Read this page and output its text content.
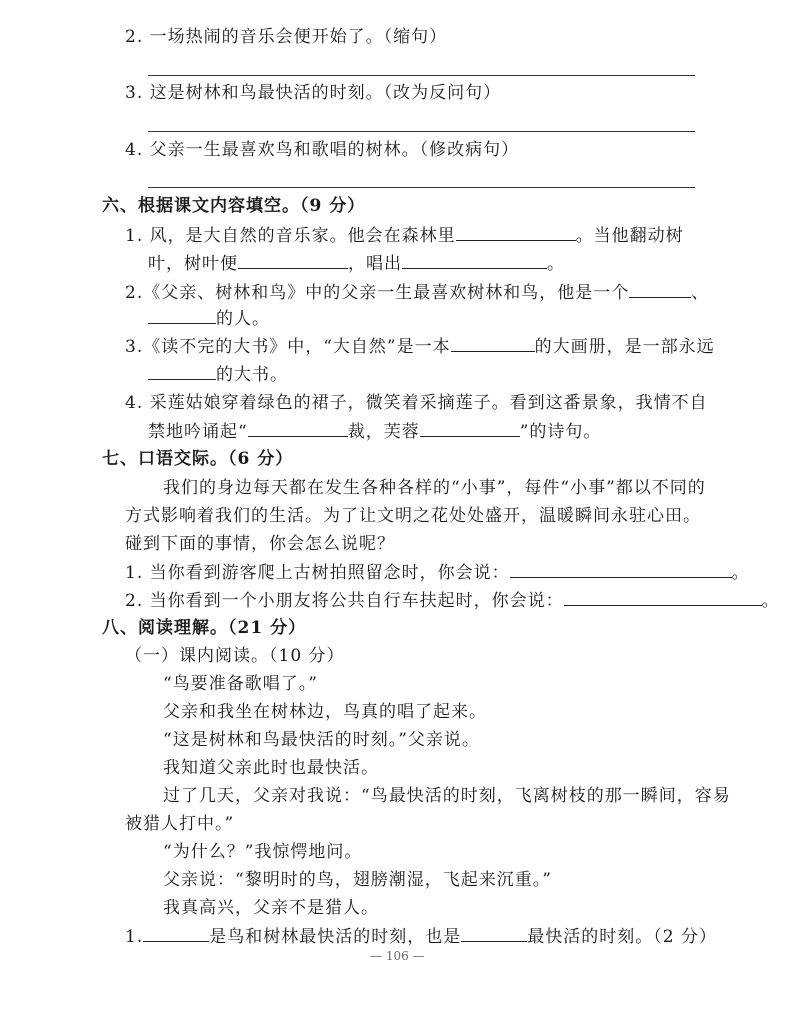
2. 一场热闹的音乐会便开始了。（缩句）
3. 这是树林和鸟最快活的时刻。（改为反问句）
4. 父亲一生最喜欢鸟和歌唱的树林。（修改病句）
六、根据课文内容填空。（9 分）
1. 风，是大自然的音乐家。他会在森林里	。当他翻动树
叶，树叶便	，唱出	。
2.《父亲、树林和鸟》中的父亲一生最喜欢树林和鸟，他是一个	、
的人。
3.《读不完的大书》中，“大自然”是一本	的大画册，是一部永远
的大书。
4. 采莲姑娘穿着绿色的裙子，微笑着采摘莲子。看到这番景象，我情不自
禁地吟诵起“	裁，芙蓉	”的诗句。
七、口语交际。（6 分）
我们的身边每天都在发生各种各样的“小事”，每件“小事”都以不同的
方式影响着我们的生活。为了让文明之花处处盛开，温暖瞬间永驻心田。
碰到下面的事情，你会怎么说呢？
1. 当你看到游客爬上古树拍照留念时，你会说：	。
2. 当你看到一个小朋友将公共自行车扶起时，你会说：	。
八、阅读理解。（21 分）
（一）课内阅读。（10 分）
“鸟要准备歌唱了。”
父亲和我坐在树林边，鸟真的唱了起来。
“这是树林和鸟最快活的时刻。”父亲说。
我知道父亲此时也最快活。
过了几天，父亲对我说：“鸟最快活的时刻，飞离树枝的那一瞬间，容易
被猎人打中。”
“为什么？”我惊愕地问。
父亲说：“黎明时的鸟，翅膀潮湿，飞起来沉重。”
我真高兴，父亲不是猎人。
1.	是鸟和树林最快活的时刻，也是	最快活的时刻。（2 分）
— 106 —
